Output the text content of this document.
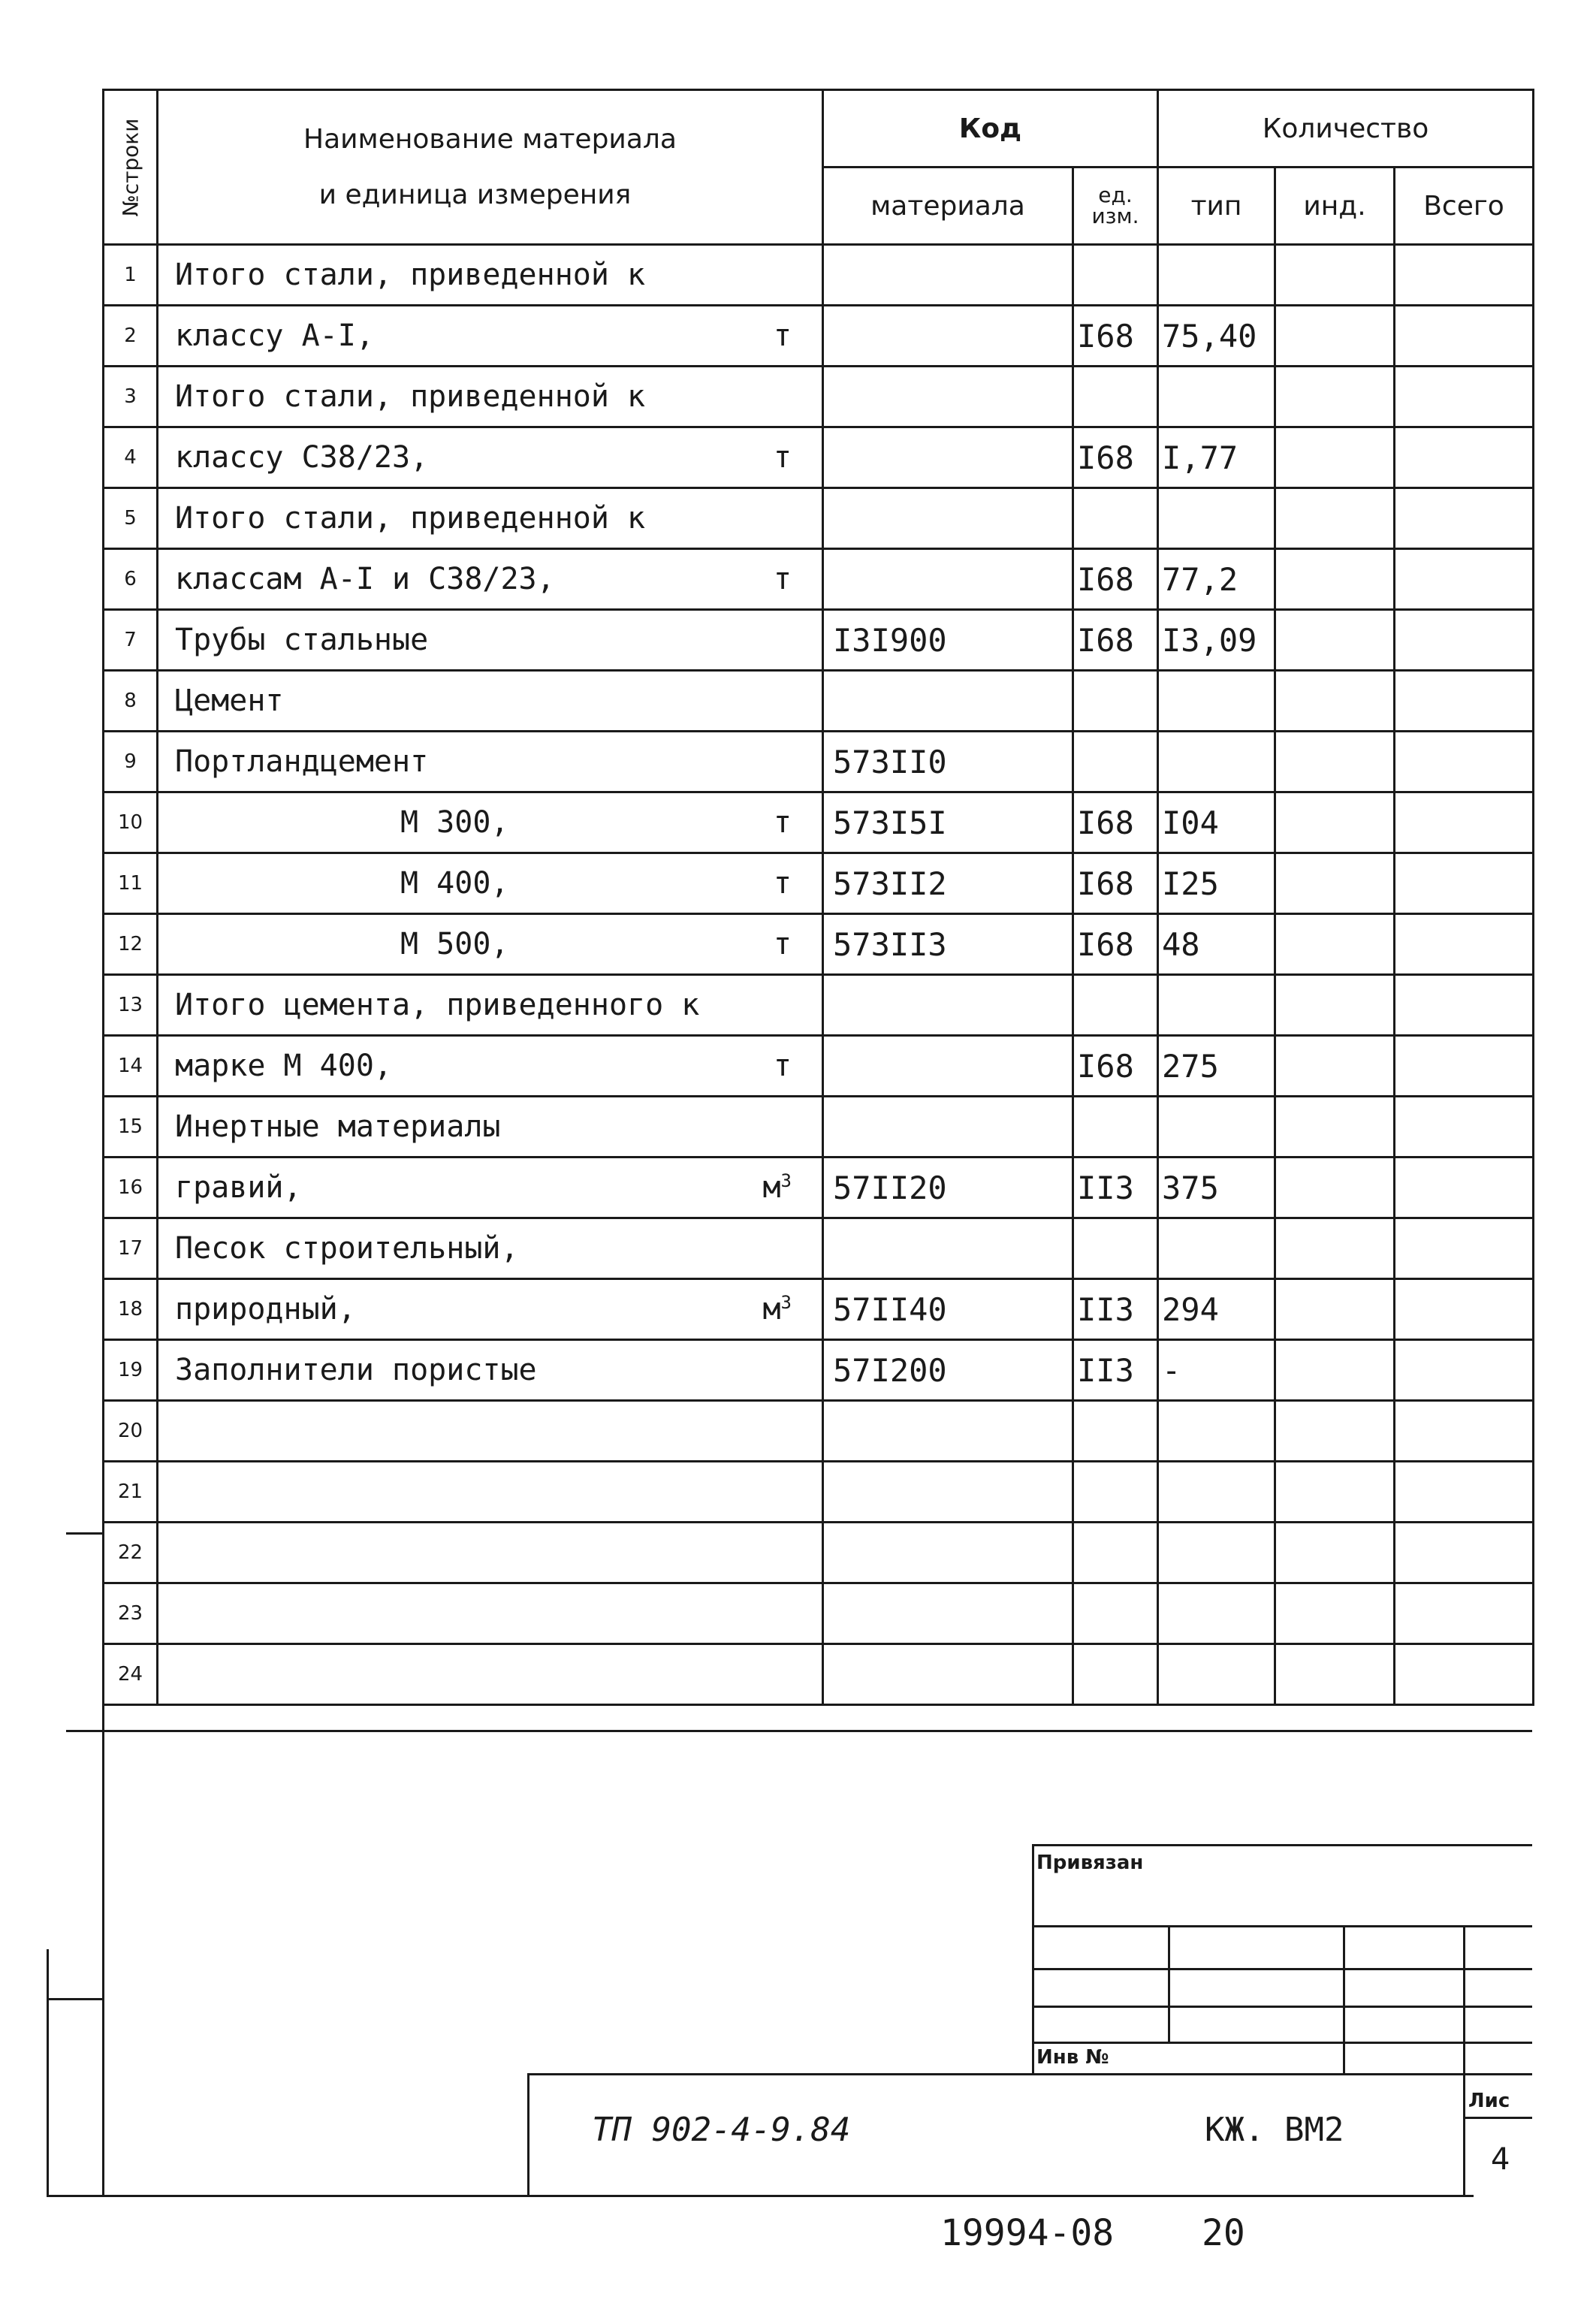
№строки	Наименование материала
и единица измерения	Код		Количество		
		материала	ед. изм.	тип	инд.	Всего
1	Итого стали, приведенной к					
2	классу А-I, т		I68	75,40		
3	Итого стали, приведенной к					
4	классу С38/23, т		I68	I,77		
5	Итого стали, приведенной к					
6	классам А-I и С38/23, т		I68	77,2		
7	Трубы стальные	I3I900	I68	I3,09		
8	Цемент					
9	Портландцемент	573II0				
10	М 300, т	573I5I	I68	I04		
11	М 400, т	573II2	I68	I25		
12	М 500, т	573II3	I68	48		
13	Итого цемента, приведенного к					
14	марке М 400, т		I68	275		
15	Инертные материалы					
16	гравий, $м^3$	57II20	II3	375		
17	Песок строительный,					
18	природный, $м^3$	57II40	II3	294		
19	Заполнители пористые	57I200	II3	-		
20						
21						
22						
23						
24						
Привязан
Инв №
ТП 902-4-9.84	КЖ. ВМ2
Лис
4
19994-08 20
